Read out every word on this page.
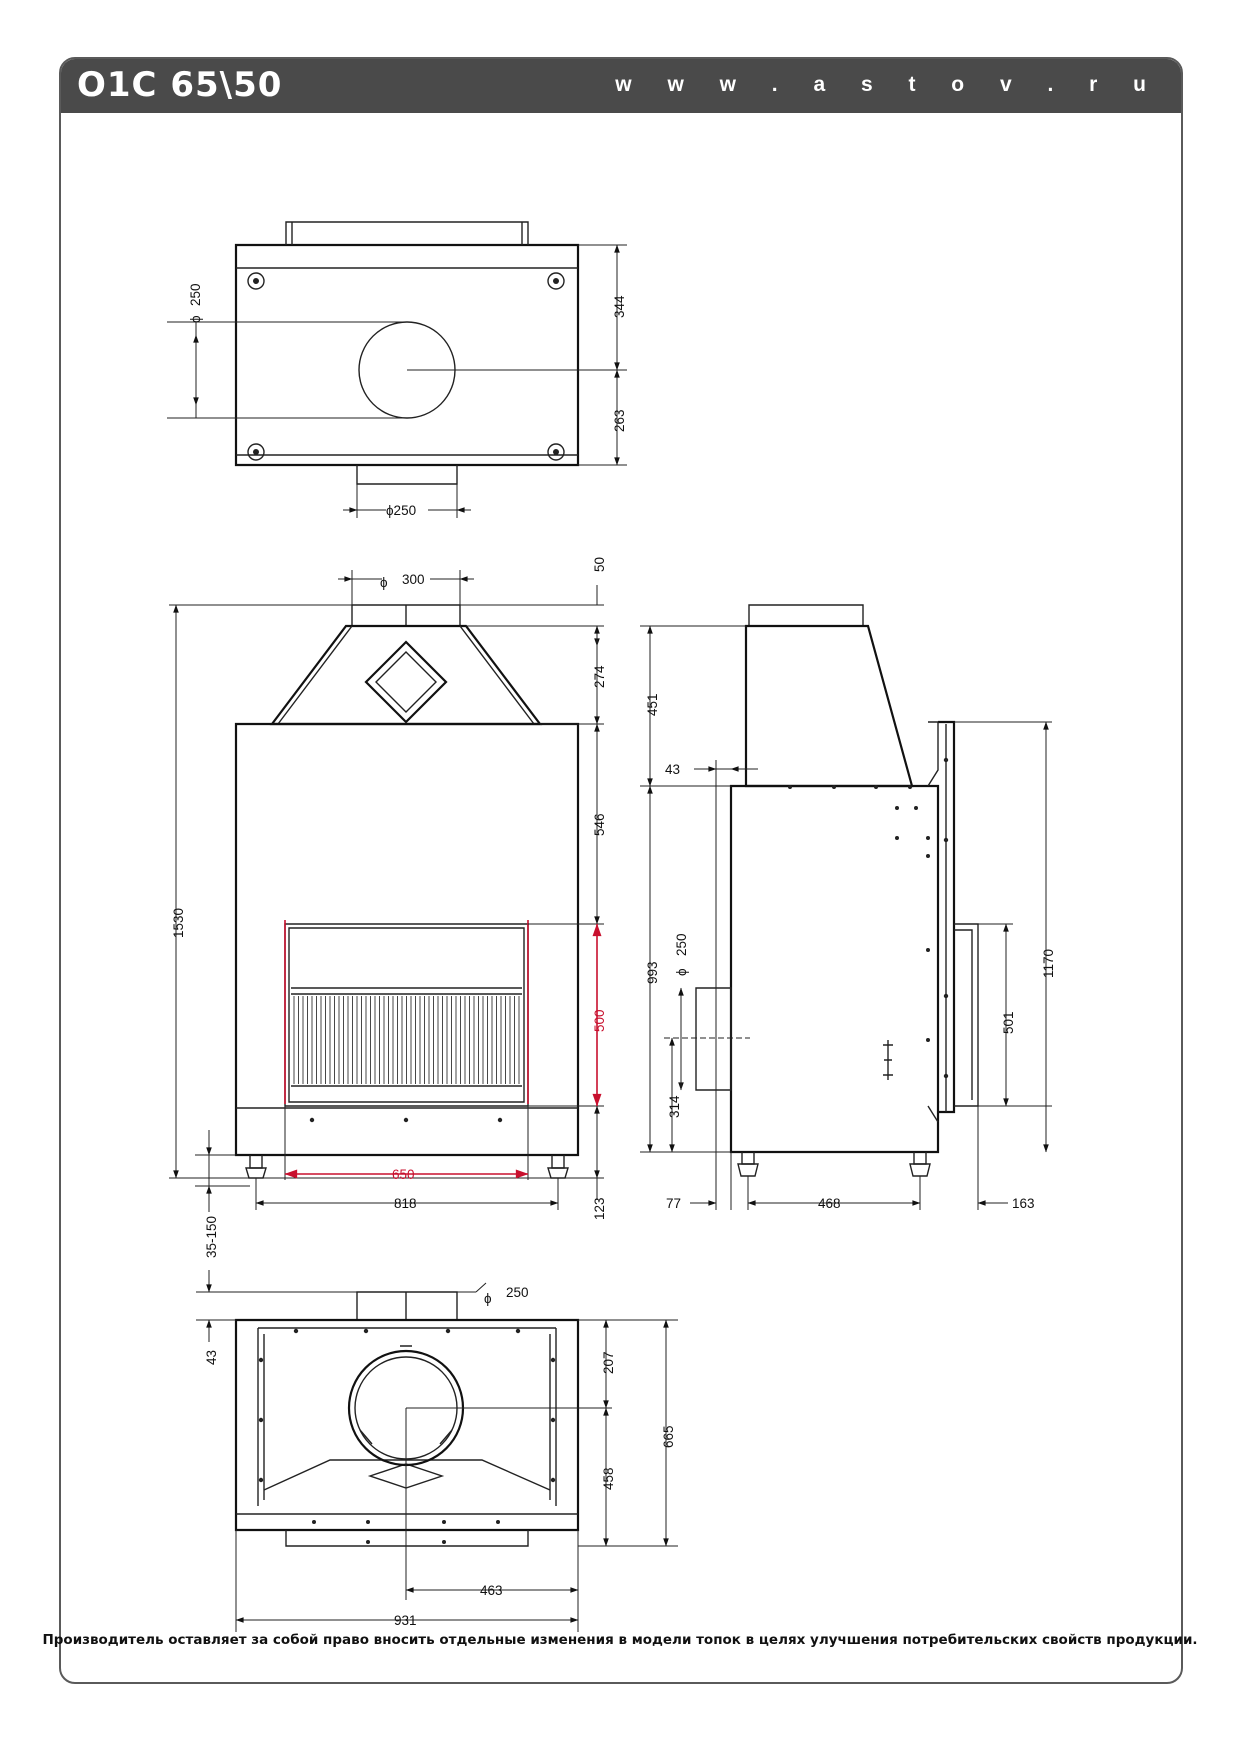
О1С 65\50	w w w . a s t o v . r u
ϕ
250
344
263
ϕ250
ϕ 300
50
274
546
500
123
1530
35-150
650
818
451
43
993 ϕ
250
314
1170
501
77	468	163
ϕ 250
43	207
458
665
463
931
Производитель оставляет за собой право вносить отдельные изменения в модели топок в целях улучшения потребительских свойств продукции.
